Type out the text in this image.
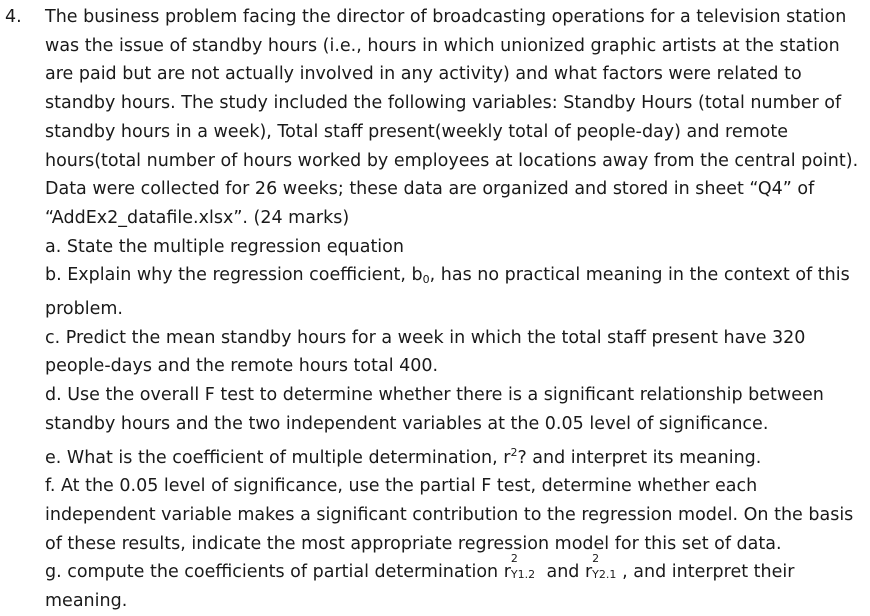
4. The business problem facing the director of broadcasting operations for a television station was the issue of standby hours (i.e., hours in which unionized graphic artists at the station are paid but are not actually involved in any activity) and what factors were related to standby hours. The study included the following variables: Standby Hours (total number of standby hours in a week), Total staff present(weekly total of people-day) and remote hours(total number of hours worked by employees at locations away from the central point). Data were collected for 26 weeks; these data are organized and stored in sheet “Q4” of “AddEx2_datafile.xlsx”. (24 marks)

a. State the multiple regression equation

b. Explain why the regression coefficient, $b_0$, has no practical meaning in the context of this problem.

c. Predict the mean standby hours for a week in which the total staff present have 320 people-days and the remote hours total 400.

d. Use the overall F test to determine whether there is a significant relationship between standby hours and the two independent variables at the 0.05 level of significance.

e. What is the coefficient of multiple determination, $r^2$? and interpret its meaning.

f. At the 0.05 level of significance, use the partial F test, determine whether each independent variable makes a significant contribution to the regression model. On the basis of these results, indicate the most appropriate regression model for this set of data.

g. compute the coefficients of partial determination r
2
Y1.2 and r
2
Y2.1 , and interpret their meaning.
